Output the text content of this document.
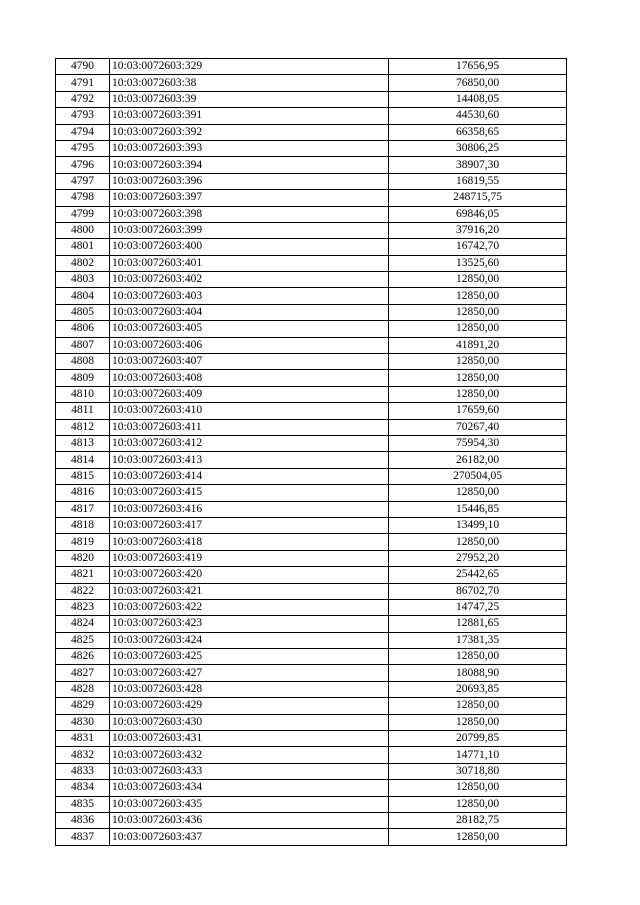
4790	10:03:0072603:329	17656,95
4791	10:03:0072603:38	76850,00
4792	10:03:0072603:39	14408,05
4793	10:03:0072603:391	44530,60
4794	10:03:0072603:392	66358,65
4795	10:03:0072603:393	30806,25
4796	10:03:0072603:394	38907,30
4797	10:03:0072603:396	16819,55
4798	10:03:0072603:397	248715,75
4799	10:03:0072603:398	69846,05
4800	10:03:0072603:399	37916,20
4801	10:03:0072603:400	16742,70
4802	10:03:0072603:401	13525,60
4803	10:03:0072603:402	12850,00
4804	10:03:0072603:403	12850,00
4805	10:03:0072603:404	12850,00
4806	10:03:0072603:405	12850,00
4807	10:03:0072603:406	41891,20
4808	10:03:0072603:407	12850,00
4809	10:03:0072603:408	12850,00
4810	10:03:0072603:409	12850,00
4811	10:03:0072603:410	17659,60
4812	10:03:0072603:411	70267,40
4813	10:03:0072603:412	75954,30
4814	10:03:0072603:413	26182,00
4815	10:03:0072603:414	270504,05
4816	10:03:0072603:415	12850,00
4817	10:03:0072603:416	15446,85
4818	10:03:0072603:417	13499,10
4819	10:03:0072603:418	12850,00
4820	10:03:0072603:419	27952,20
4821	10:03:0072603:420	25442,65
4822	10:03:0072603:421	86702,70
4823	10:03:0072603:422	14747,25
4824	10:03:0072603:423	12881,65
4825	10:03:0072603:424	17381,35
4826	10:03:0072603:425	12850,00
4827	10:03:0072603:427	18088,90
4828	10:03:0072603:428	20693,85
4829	10:03:0072603:429	12850,00
4830	10:03:0072603:430	12850,00
4831	10:03:0072603:431	20799,85
4832	10:03:0072603:432	14771,10
4833	10:03:0072603:433	30718,80
4834	10:03:0072603:434	12850,00
4835	10:03:0072603:435	12850,00
4836	10:03:0072603:436	28182,75
4837	10:03:0072603:437	12850,00
